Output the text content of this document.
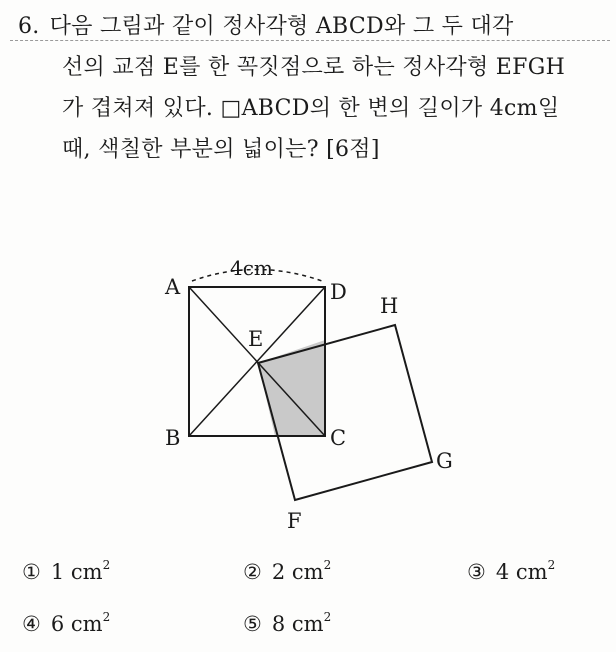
6. 다음 그림과 같이 정사각형 ABCD와 그 두 대각
선의 교점 E를 한 꼭짓점으로 하는 정사각형 EFGH
가 겹쳐져 있다. □ABCD의 한 변의 길이가 4cm일
때, 색칠한 부분의 넓이는? [6점]
4cm
A	D
H
E
B	C
G
F
① 1 $cm^2$	② 2 $cm^2$	③ 4 $cm^2$
④ 6 $cm^2$	⑤ 8 $cm^2$
